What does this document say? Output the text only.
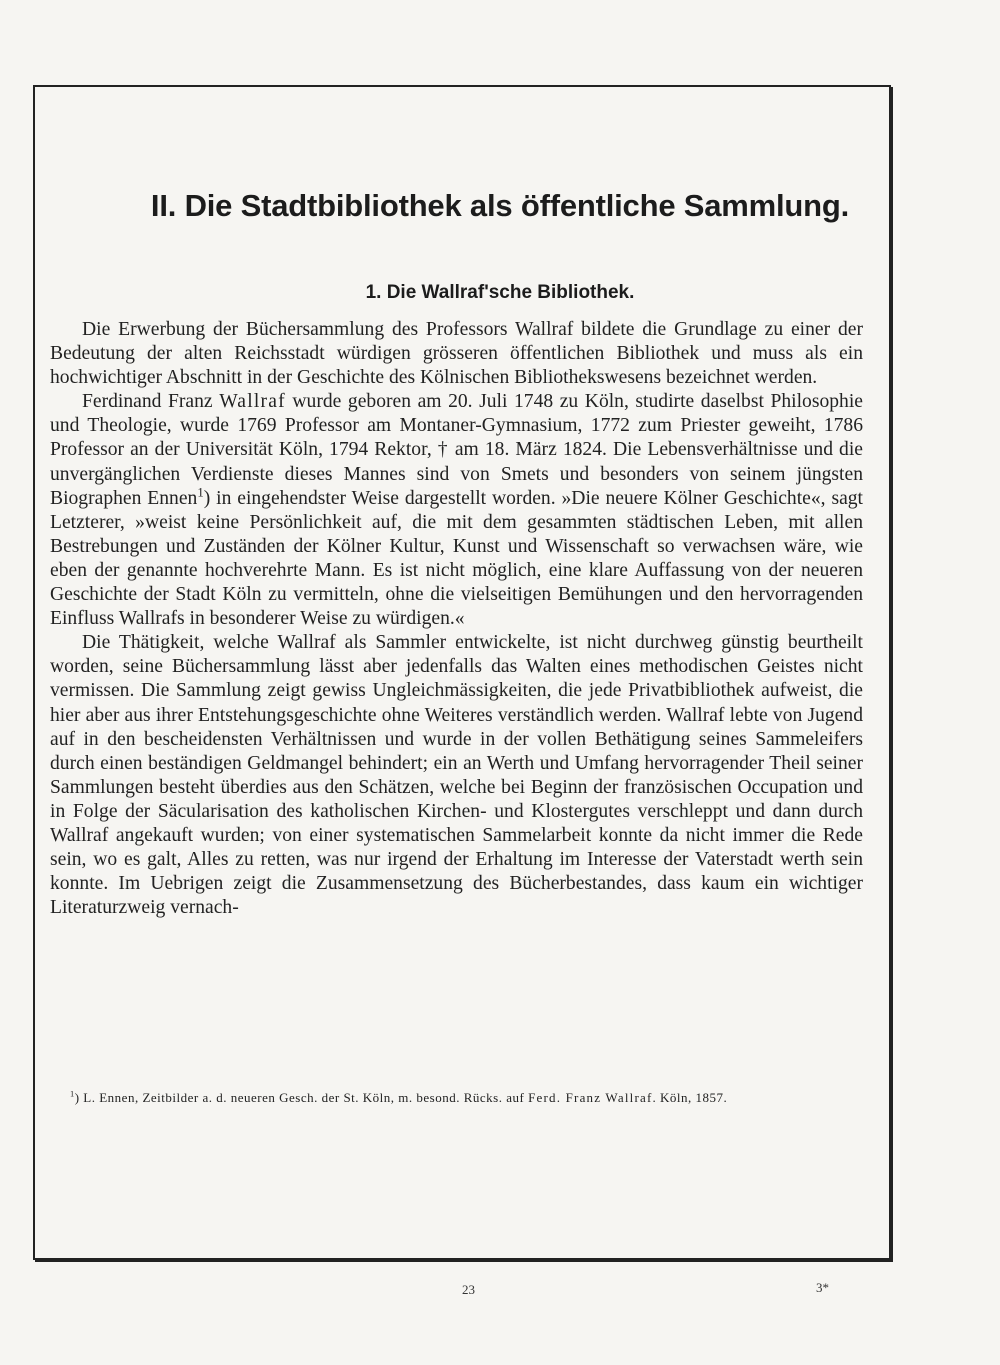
II. Die Stadtbibliothek als öffentliche Sammlung.
1. Die Wallraf'sche Bibliothek.

Die Erwerbung der Büchersammlung des Professors Wallraf bildete die Grundlage zu einer der Bedeutung der alten Reichsstadt würdigen grösseren öffentlichen Bibliothek und muss als ein hochwichtiger Abschnitt in der Geschichte des Kölnischen Bibliothekswesens bezeichnet werden.

Ferdinand Franz Wallraf wurde geboren am 20. Juli 1748 zu Köln, studirte daselbst Philosophie und Theologie, wurde 1769 Professor am Montaner-Gymnasium, 1772 zum Priester geweiht, 1786 Professor an der Universität Köln, 1794 Rektor, † am 18. März 1824. Die Lebensverhältnisse und die unvergänglichen Verdienste dieses Mannes sind von Smets und besonders von seinem jüngsten Biographen Ennen$^1$) in eingehendster Weise dargestellt worden. »Die neuere Kölner Geschichte«, sagt Letzterer, »weist keine Persönlichkeit auf, die mit dem gesammten städtischen Leben, mit allen Bestrebungen und Zuständen der Kölner Kultur, Kunst und Wissenschaft so verwachsen wäre, wie eben der genannte hochverehrte Mann. Es ist nicht möglich, eine klare Auffassung von der neueren Geschichte der Stadt Köln zu vermitteln, ohne die vielseitigen Bemühungen und den hervorragenden Einfluss Wallrafs in besonderer Weise zu würdigen.«

Die Thätigkeit, welche Wallraf als Sammler entwickelte, ist nicht durchweg günstig beurtheilt worden, seine Büchersammlung lässt aber jedenfalls das Walten eines methodischen Geistes nicht vermissen. Die Sammlung zeigt gewiss Ungleichmässigkeiten, die jede Privatbibliothek aufweist, die hier aber aus ihrer Entstehungsgeschichte ohne Weiteres verständlich werden. Wallraf lebte von Jugend auf in den bescheidensten Verhältnissen und wurde in der vollen Bethätigung seines Sammeleifers durch einen beständigen Geldmangel behindert; ein an Werth und Umfang hervorragender Theil seiner Sammlungen besteht überdies aus den Schätzen, welche bei Beginn der französischen Occupation und in Folge der Säcularisation des katholischen Kirchen- und Klostergutes verschleppt und dann durch Wallraf angekauft wurden; von einer systematischen Sammelarbeit konnte da nicht immer die Rede sein, wo es galt, Alles zu retten, was nur irgend der Erhaltung im Interesse der Vaterstadt werth sein konnte. Im Uebrigen zeigt die Zusammensetzung des Bücherbestandes, dass kaum ein wichtiger Literaturzweig vernach-

$^1$) L. Ennen, Zeitbilder a. d. neueren Gesch. der St. Köln, m. besond. Rücks. auf Ferd. Franz Wallraf. Köln, 1857.

23	3*
